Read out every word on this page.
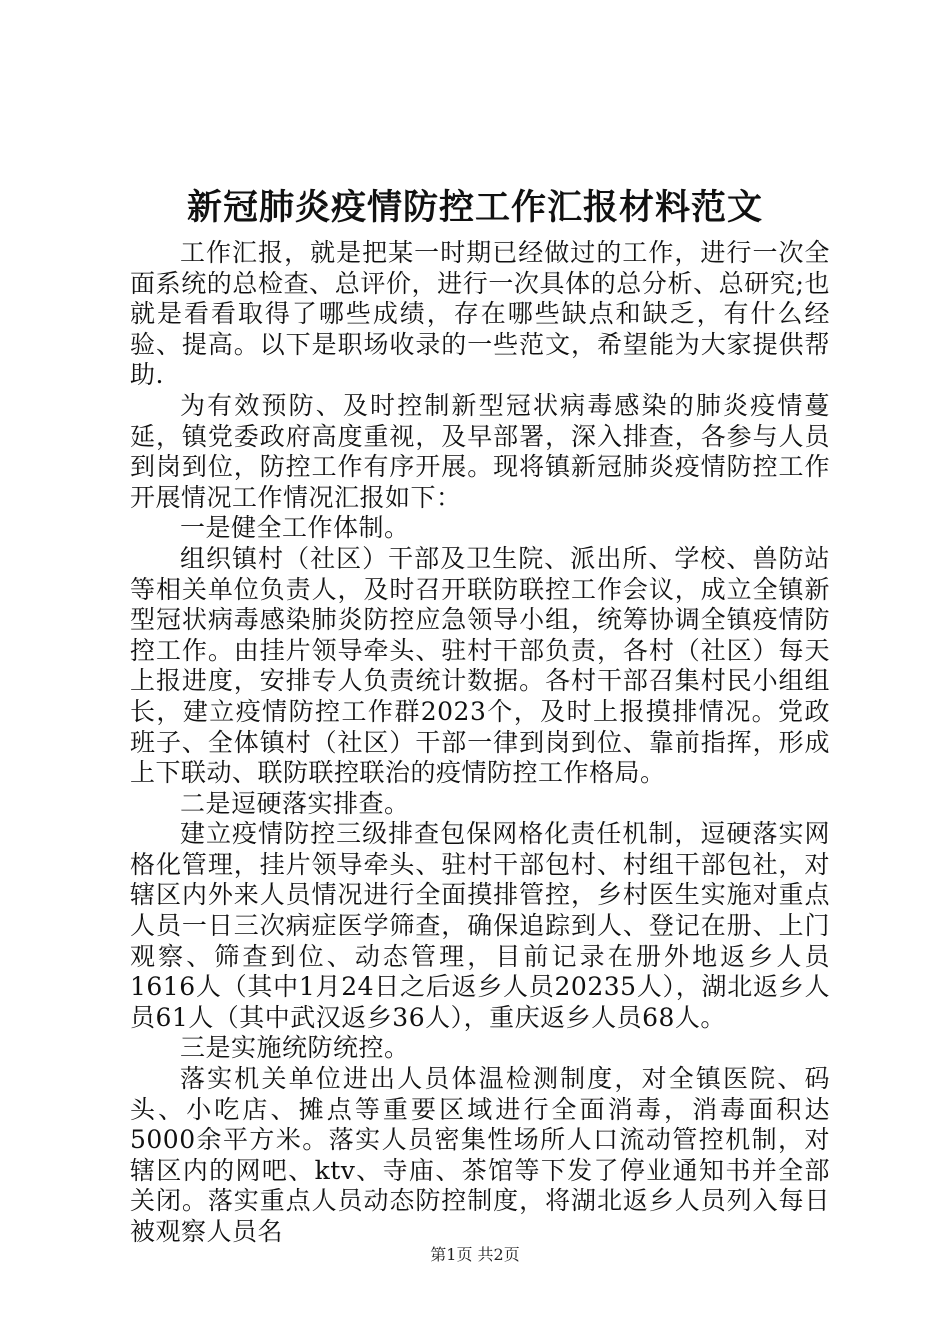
新冠肺炎疫情防控工作汇报材料范文

工作汇报，就是把某一时期已经做过的工作，进行一次全面系统的总检查、总评价，进行一次具体的总分析、总研究;也就是看看取得了哪些成绩，存在哪些缺点和缺乏，有什么经验、提高。以下是职场收录的一些范文，希望能为大家提供帮助.

为有效预防、及时控制新型冠状病毒感染的肺炎疫情蔓延，镇党委政府高度重视，及早部署，深入排查，各参与人员到岗到位，防控工作有序开展。现将镇新冠肺炎疫情防控工作开展情况工作情况汇报如下：

一是健全工作体制。

组织镇村（社区）干部及卫生院、派出所、学校、兽防站等相关单位负责人，及时召开联防联控工作会议，成立全镇新型冠状病毒感染肺炎防控应急领导小组，统筹协调全镇疫情防控工作。由挂片领导牵头、驻村干部负责，各村（社区）每天上报进度，安排专人负责统计数据。各村干部召集村民小组组长，建立疫情防控工作群2023个，及时上报摸排情况。党政班子、全体镇村（社区）干部一律到岗到位、靠前指挥，形成上下联动、联防联控联治的疫情防控工作格局。

二是逗硬落实排查。

建立疫情防控三级排查包保网格化责任机制，逗硬落实网格化管理，挂片领导牵头、驻村干部包村、村组干部包社，对辖区内外来人员情况进行全面摸排管控，乡村医生实施对重点人员一日三次病症医学筛查，确保追踪到人、登记在册、上门观察、筛查到位、动态管理，目前记录在册外地返乡人员1616人（其中1月24日之后返乡人员20235人），湖北返乡人员61人（其中武汉返乡36人），重庆返乡人员68人。

三是实施统防统控。

落实机关单位进出人员体温检测制度，对全镇医院、码头、小吃店、摊点等重要区域进行全面消毒，消毒面积达5000余平方米。落实人员密集性场所人口流动管控机制，对辖区内的网吧、ktv、寺庙、茶馆等下发了停业通知书并全部关闭。落实重点人员动态防控制度，将湖北返乡人员列入每日被观察人员名

第1页 共2页
